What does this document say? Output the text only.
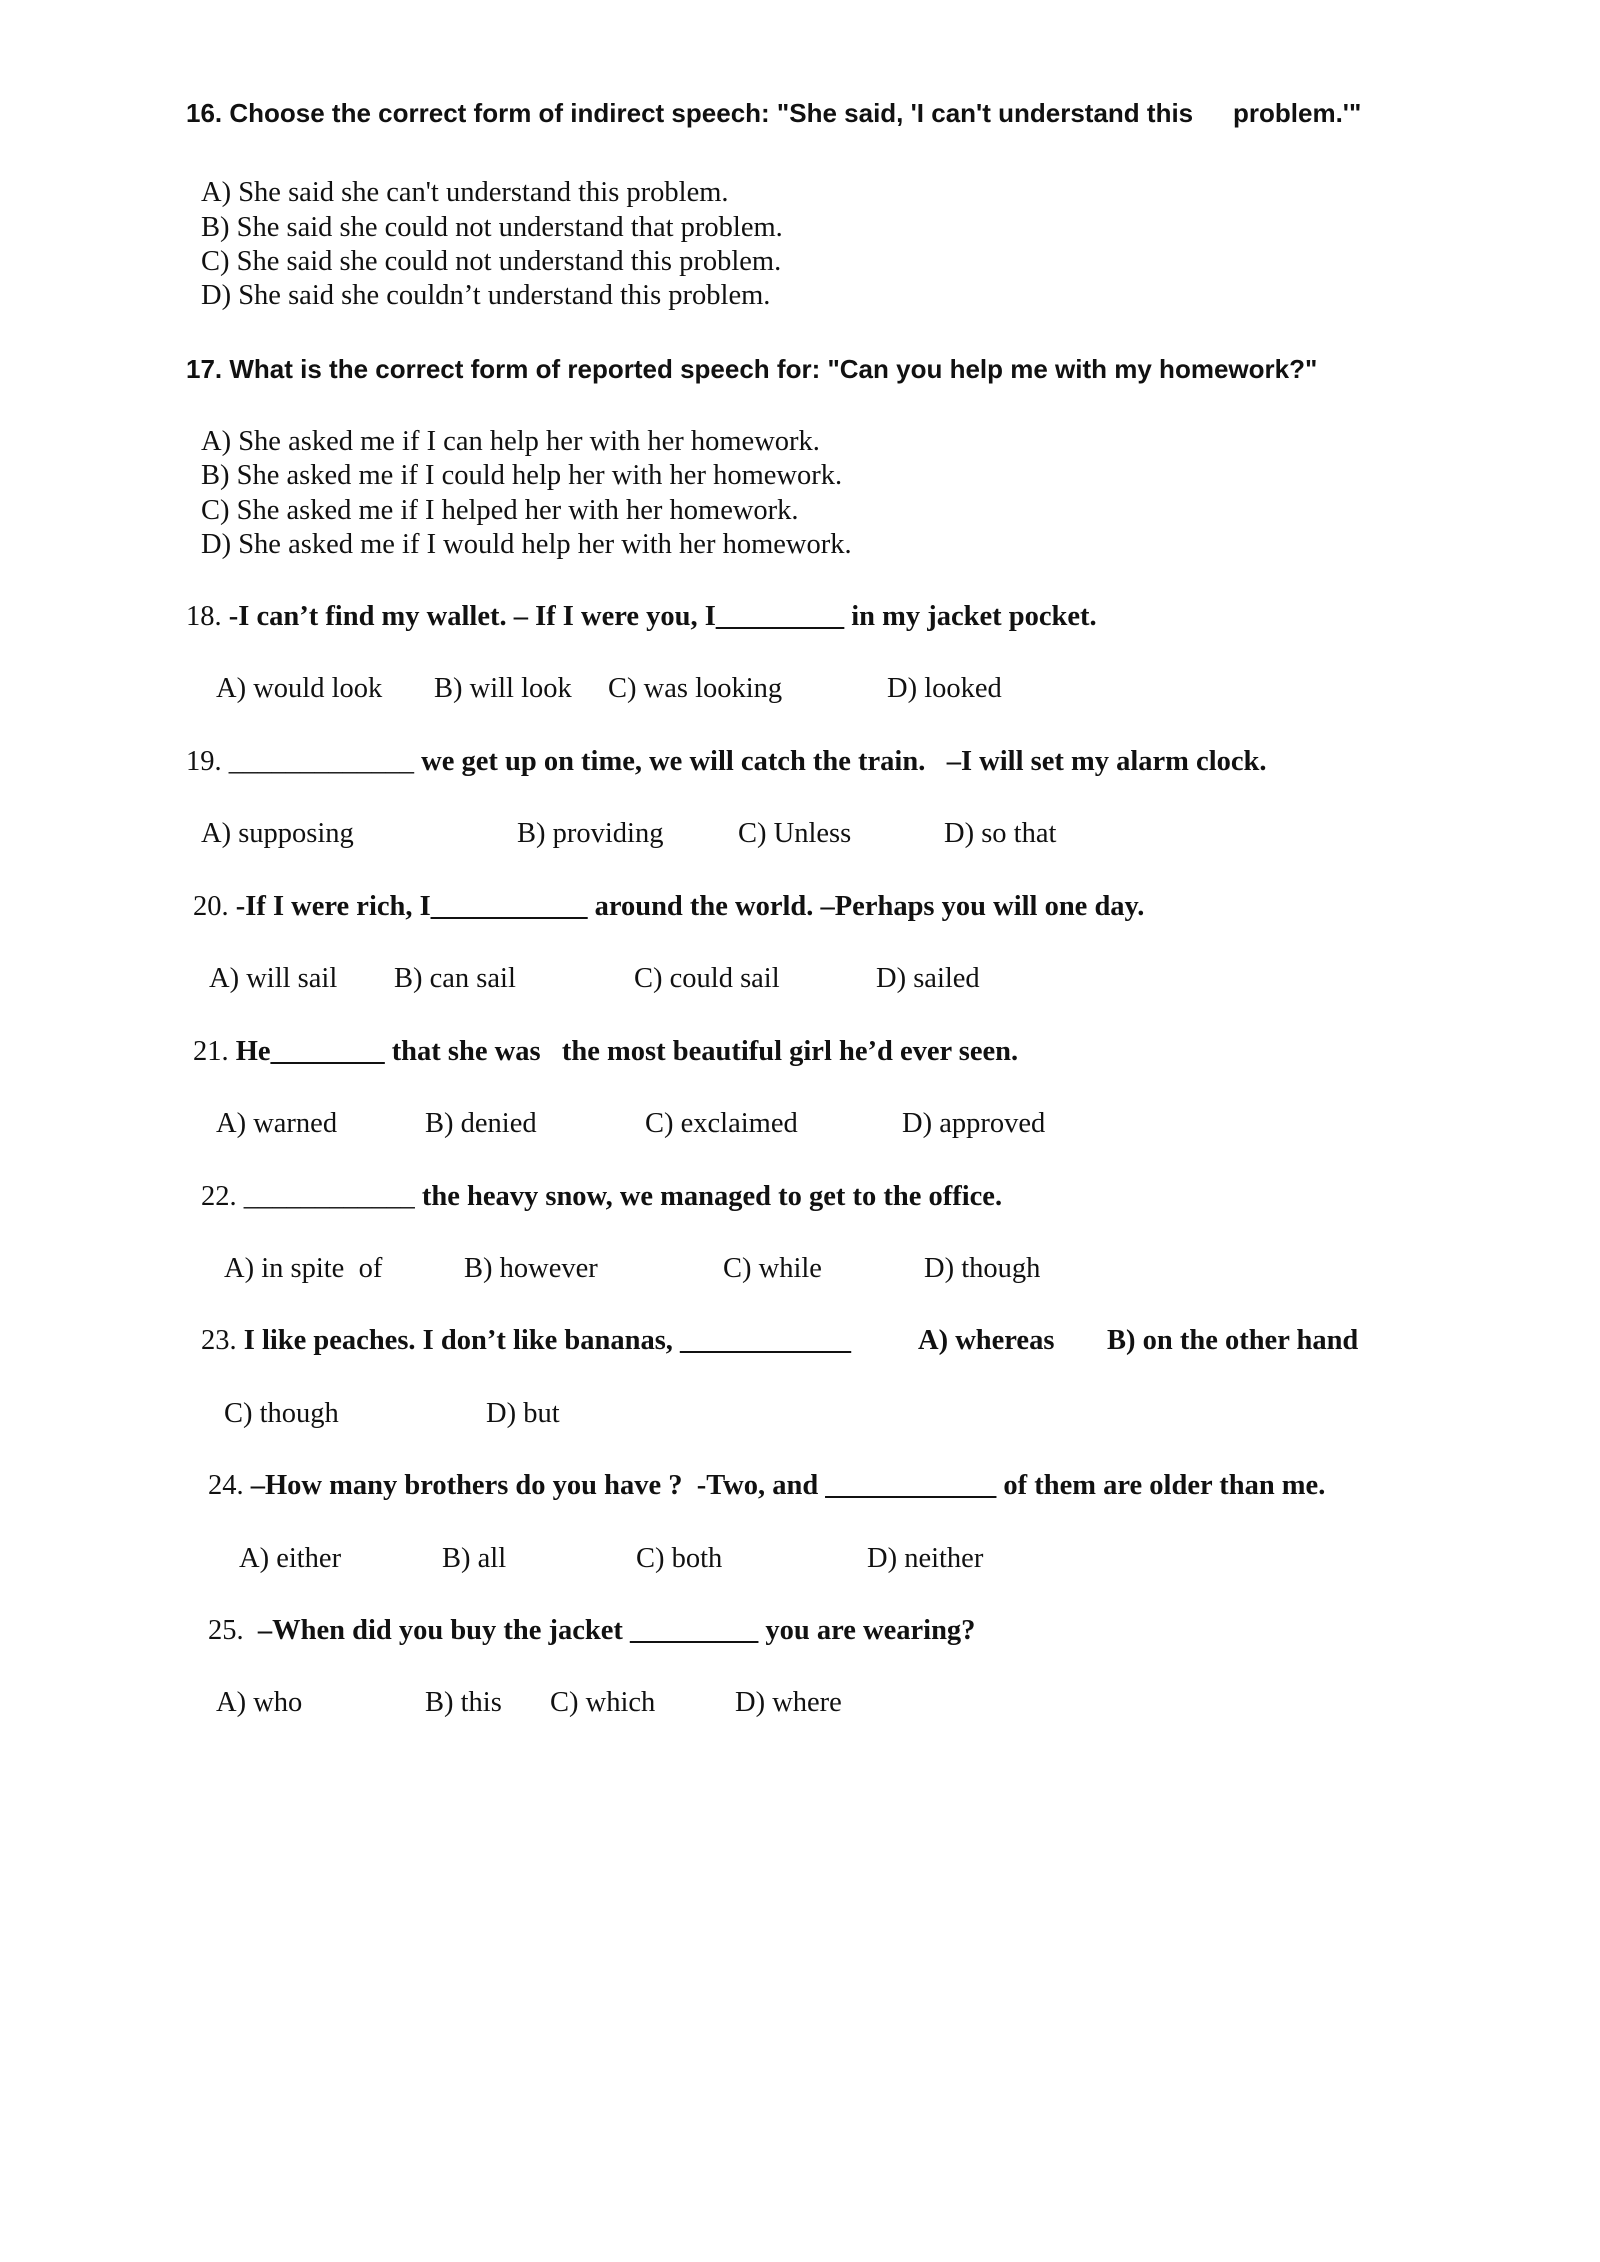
16. Choose the correct form of indirect speech: "She said, 'I can't understand this problem.'"
A) She said she can't understand this problem.
B) She said she could not understand that problem.
C) She said she could not understand this problem.
D) She said she couldn’t understand this problem.
17. What is the correct form of reported speech for: "Can you help me with my homework?"
A) She asked me if I can help her with her homework.
B) She asked me if I could help her with her homework.
C) She asked me if I helped her with her homework.
D) She asked me if I would help her with her homework.
18. -I can’t find my wallet. – If I were you, I_________ in my jacket pocket.
A) would look B) will look C) was looking	D) looked
19. _____________ we get up on time, we will catch the train.   –I will set my alarm clock.
A) supposing	B) providing	C) Unless	D) so that
20. -If I were rich, I___________ around the world. –Perhaps you will one day.
A) will sail B) can sail	C) could sail	D) sailed
21. He________ that she was   the most beautiful girl he’d ever seen.
A) warned	B) denied	C) exclaimed	D) approved
22. ____________ the heavy snow, we managed to get to the office.
A) in spite  of	B) however	C) while	D) though
23. I like peaches. I don’t like bananas, ____________ A) whereas B) on the other hand
C) though	D) but
24. –How many brothers do you have ?  -Two, and ____________ of them are older than me.
A) either	B) all	C) both	D) neither
25.  –When did you buy the jacket _________ you are wearing?
A) who	B) this C) which	D) where
